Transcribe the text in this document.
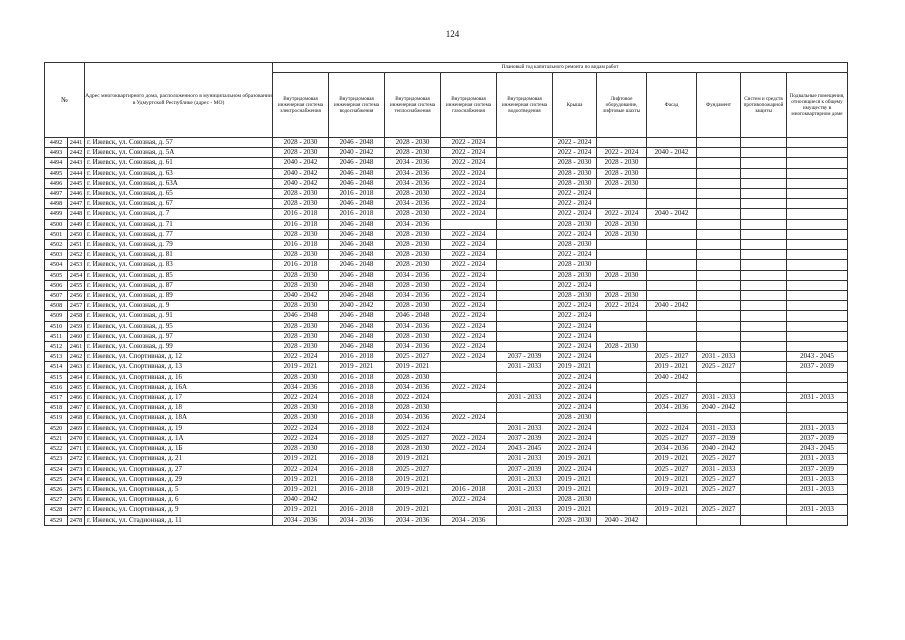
124
№		Адрес многоквартирного дома, расположенного в муниципальном образовании в Удмуртской Республике (адрес - МО)	Плановый год капитального ремонта по видам работ										
			Внутридомовая инженерная система электроснабжения	Внутридомовая инженерная система водоснабжения	Внутридомовая инженерная система теплоснабжения	Внутридомовая инженерная система газоснабжения	Внутридомовая инженерная система водоотведения	Крыша	Лифтовое оборудование, лифтовые шахты	Фасад	Фундамент	Систем и средств противопожарной защиты	Подвальные помещения, относящиеся к общему имуществу в многоквартирном доме
4492	2441	г. Ижевск, ул. Союзная, д. 57	2028 - 2030	2046 - 2048	2028 - 2030	2022 - 2024		2022 - 2024					
4493	2442	г. Ижевск, ул. Союзная, д. 5А	2028 - 2030	2040 - 2042	2028 - 2030	2022 - 2024		2022 - 2024	2022 - 2024	2040 - 2042			
4494	2443	г. Ижевск, ул. Союзная, д. 61	2040 - 2042	2046 - 2048	2034 - 2036	2022 - 2024		2028 - 2030	2028 - 2030				
4495	2444	г. Ижевск, ул. Союзная, д. 63	2040 - 2042	2046 - 2048	2034 - 2036	2022 - 2024		2028 - 2030	2028 - 2030				
4496	2445	г. Ижевск, ул. Союзная, д. 63А	2040 - 2042	2046 - 2048	2034 - 2036	2022 - 2024		2028 - 2030	2028 - 2030				
4497	2446	г. Ижевск, ул. Союзная, д. 65	2028 - 2030	2016 - 2018	2028 - 2030	2022 - 2024		2022 - 2024					
4498	2447	г. Ижевск, ул. Союзная, д. 67	2028 - 2030	2046 - 2048	2034 - 2036	2022 - 2024		2022 - 2024					
4499	2448	г. Ижевск, ул. Союзная, д. 7	2016 - 2018	2016 - 2018	2028 - 2030	2022 - 2024		2022 - 2024	2022 - 2024	2040 - 2042			
4500	2449	г. Ижевск, ул. Союзная, д. 71	2016 - 2018	2046 - 2048	2034 - 2036			2028 - 2030	2028 - 2030				
4501	2450	г. Ижевск, ул. Союзная, д. 77	2028 - 2030	2046 - 2048	2028 - 2030	2022 - 2024		2022 - 2024	2028 - 2030				
4502	2451	г. Ижевск, ул. Союзная, д. 79	2016 - 2018	2046 - 2048	2028 - 2030	2022 - 2024		2028 - 2030					
4503	2452	г. Ижевск, ул. Союзная, д. 81	2028 - 2030	2046 - 2048	2028 - 2030	2022 - 2024		2022 - 2024					
4504	2453	г. Ижевск, ул. Союзная, д. 83	2016 - 2018	2046 - 2048	2028 - 2030	2022 - 2024		2028 - 2030					
4505	2454	г. Ижевск, ул. Союзная, д. 85	2028 - 2030	2046 - 2048	2034 - 2036	2022 - 2024		2028 - 2030	2028 - 2030				
4506	2455	г. Ижевск, ул. Союзная, д. 87	2028 - 2030	2046 - 2048	2028 - 2030	2022 - 2024		2022 - 2024					
4507	2456	г. Ижевск, ул. Союзная, д. 89	2040 - 2042	2046 - 2048	2034 - 2036	2022 - 2024		2028 - 2030	2028 - 2030				
4508	2457	г. Ижевск, ул. Союзная, д. 9	2028 - 2030	2040 - 2042	2028 - 2030	2022 - 2024		2022 - 2024	2022 - 2024	2040 - 2042			
4509	2458	г. Ижевск, ул. Союзная, д. 91	2046 - 2048	2046 - 2048	2046 - 2048	2022 - 2024		2022 - 2024					
4510	2459	г. Ижевск, ул. Союзная, д. 95	2028 - 2030	2046 - 2048	2034 - 2036	2022 - 2024		2022 - 2024					
4511	2460	г. Ижевск, ул. Союзная, д. 97	2028 - 2030	2046 - 2048	2028 - 2030	2022 - 2024		2022 - 2024					
4512	2461	г. Ижевск, ул. Союзная, д. 99	2028 - 2030	2046 - 2048	2034 - 2036	2022 - 2024		2022 - 2024	2028 - 2030				
4513	2462	г. Ижевск, ул. Спортивная, д. 12	2022 - 2024	2016 - 2018	2025 - 2027	2022 - 2024	2037 - 2039	2022 - 2024		2025 - 2027	2031 - 2033		2043 - 2045
4514	2463	г. Ижевск, ул. Спортивная, д. 13	2019 - 2021	2019 - 2021	2019 - 2021		2031 - 2033	2019 - 2021		2019 - 2021	2025 - 2027		2037 - 2039
4515	2464	г. Ижевск, ул. Спортивная, д. 16	2028 - 2030	2016 - 2018	2028 - 2030			2022 - 2024		2040 - 2042			
4516	2465	г. Ижевск, ул. Спортивная, д. 16А	2034 - 2036	2016 - 2018	2034 - 2036	2022 - 2024		2022 - 2024					
4517	2466	г. Ижевск, ул. Спортивная, д. 17	2022 - 2024	2016 - 2018	2022 - 2024		2031 - 2033	2022 - 2024		2025 - 2027	2031 - 2033		2031 - 2033
4518	2467	г. Ижевск, ул. Спортивная, д. 18	2028 - 2030	2016 - 2018	2028 - 2030			2022 - 2024		2034 - 2036	2040 - 2042		
4519	2468	г. Ижевск, ул. Спортивная, д. 18А	2028 - 2030	2016 - 2018	2034 - 2036	2022 - 2024		2028 - 2030					
4520	2469	г. Ижевск, ул. Спортивная, д. 19	2022 - 2024	2016 - 2018	2022 - 2024		2031 - 2033	2022 - 2024		2022 - 2024	2031 - 2033		2031 - 2033
4521	2470	г. Ижевск, ул. Спортивная, д. 1А	2022 - 2024	2016 - 2018	2025 - 2027	2022 - 2024	2037 - 2039	2022 - 2024		2025 - 2027	2037 - 2039		2037 - 2039
4522	2471	г. Ижевск, ул. Спортивная, д. 1Б	2028 - 2030	2016 - 2018	2028 - 2030	2022 - 2024	2043 - 2045	2022 - 2024		2034 - 2036	2040 - 2042		2043 - 2045
4523	2472	г. Ижевск, ул. Спортивная, д. 21	2019 - 2021	2016 - 2018	2019 - 2021		2031 - 2033	2019 - 2021		2019 - 2021	2025 - 2027		2031 - 2033
4524	2473	г. Ижевск, ул. Спортивная, д. 27	2022 - 2024	2016 - 2018	2025 - 2027		2037 - 2039	2022 - 2024		2025 - 2027	2031 - 2033		2037 - 2039
4525	2474	г. Ижевск, ул. Спортивная, д. 29	2019 - 2021	2016 - 2018	2019 - 2021		2031 - 2033	2019 - 2021		2019 - 2021	2025 - 2027		2031 - 2033
4526	2475	г. Ижевск, ул. Спортивная, д. 5	2019 - 2021	2016 - 2018	2019 - 2021	2016 - 2018	2031 - 2033	2019 - 2021		2019 - 2021	2025 - 2027		2031 - 2033
4527	2476	г. Ижевск, ул. Спортивная, д. 6	2040 - 2042			2022 - 2024		2028 - 2030					
4528	2477	г. Ижевск, ул. Спортивная, д. 9	2019 - 2021	2016 - 2018	2019 - 2021		2031 - 2033	2019 - 2021		2019 - 2021	2025 - 2027		2031 - 2033
4529	2478	г. Ижевск, ул. Стадионная, д. 11	2034 - 2036	2034 - 2036	2034 - 2036	2034 - 2036		2028 - 2030	2040 - 2042				
